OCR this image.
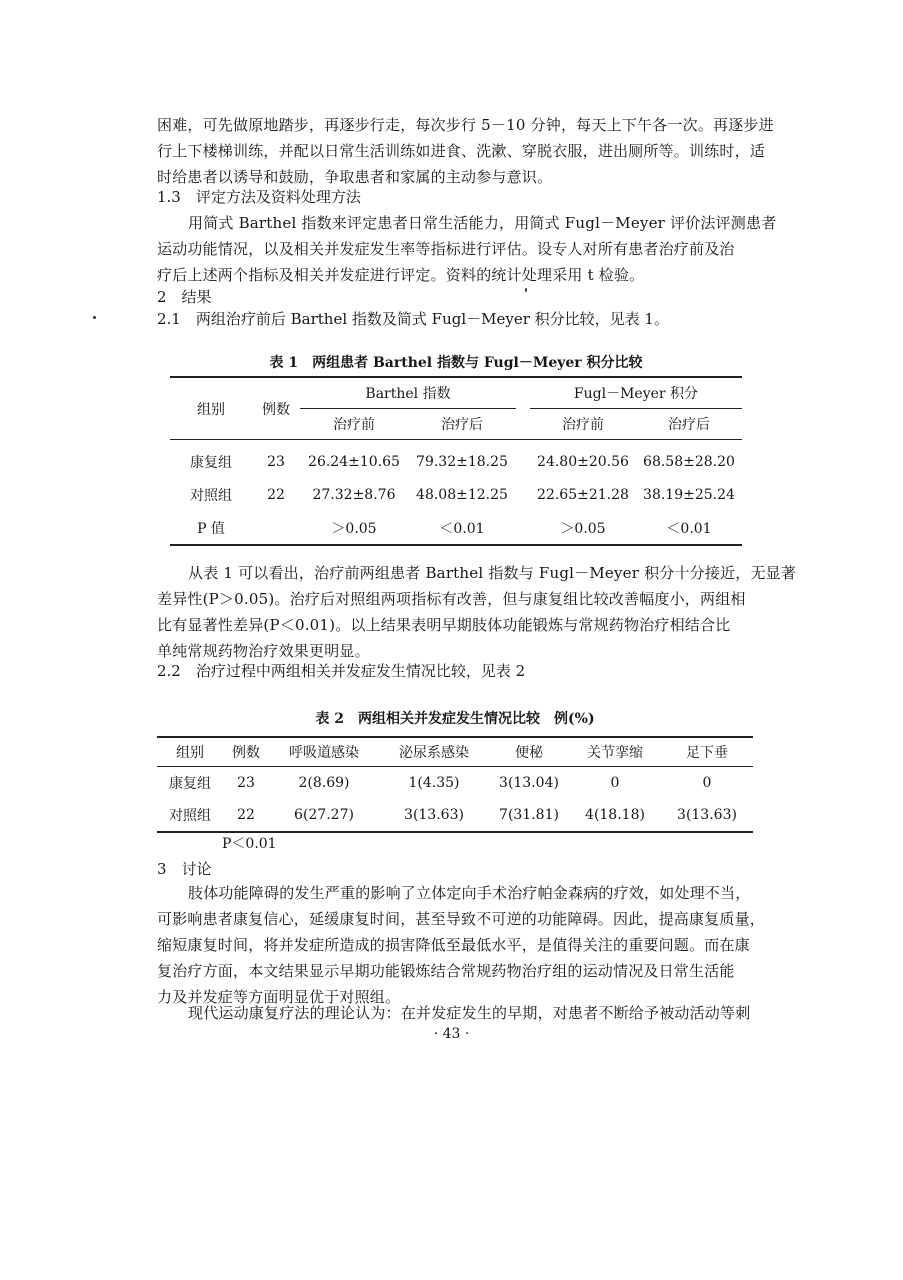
困难，可先做原地踏步，再逐步行走，每次步行 5－10 分钟，每天上下午各一次。再逐步进
行上下楼梯训练，并配以日常生活训练如进食、洗漱、穿脱衣服，进出厕所等。训练时，适
时给患者以诱导和鼓励，争取患者和家属的主动参与意识。
1.3　评定方法及资料处理方法
用简式 Barthel 指数来评定患者日常生活能力，用简式 Fugl－Meyer 评价法评测患者
运动功能情况，以及相关并发症发生率等指标进行评估。设专人对所有患者治疗前及治
疗后上述两个指标及相关并发症进行评定。资料的统计处理采用 t 检验。
2　结果
2.1　两组治疗前后 Barthel 指数及简式 Fugl－Meyer 积分比较，见表 1。
表 1　两组患者 Barthel 指数与 Fugl－Meyer 积分比较
组别	例数	Barthel 指数			Fugl－Meyer 积分	
		治疗前	治疗后		治疗前	治疗后
康复组	23	26.24±10.65	79.32±18.25		24.80±20.56	68.58±28.20
对照组	22	27.32±8.76	48.08±12.25		22.65±21.28	38.19±25.24
P 值		＞0.05	＜0.01		＞0.05	＜0.01
从表 1 可以看出，治疗前两组患者 Barthel 指数与 Fugl－Meyer 积分十分接近，无显著
差异性(P＞0.05)。治疗后对照组两项指标有改善，但与康复组比较改善幅度小，两组相
比有显著性差异(P＜0.01)。以上结果表明早期肢体功能锻炼与常规药物治疗相结合比
单纯常规药物治疗效果更明显。
2.2　治疗过程中两组相关并发症发生情况比较，见表 2
表 2　两组相关并发症发生情况比较　例(%)
组别	例数	呼吸道感染	泌尿系感染	便秘	关节挛缩	足下垂
康复组	23	2(8.69)	1(4.35)	3(13.04)	0	0
对照组	22	6(27.27)	3(13.63)	7(31.81)	4(18.18)	3(13.63)
P＜0.01
3　讨论
肢体功能障碍的发生严重的影响了立体定向手术治疗帕金森病的疗效，如处理不当，
可影响患者康复信心，延缓康复时间，甚至导致不可逆的功能障碍。因此，提高康复质量，
缩短康复时间，将并发症所造成的损害降低至最低水平，是值得关注的重要问题。而在康
复治疗方面，本文结果显示早期功能锻炼结合常规药物治疗组的运动情况及日常生活能
力及并发症等方面明显优于对照组。
现代运动康复疗法的理论认为：在并发症发生的早期，对患者不断给予被动活动等刺
· 43 ·
